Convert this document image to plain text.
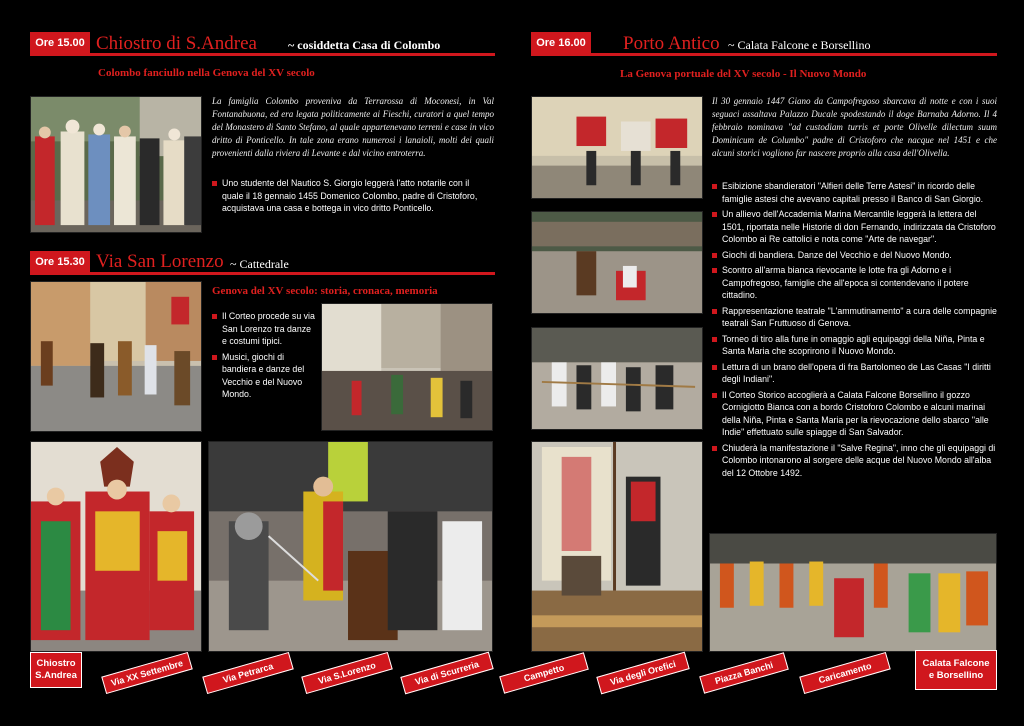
Ore 15.00 Chiostro di S.Andrea	~ cosiddetta Casa di Colombo
Colombo fanciullo nella Genova del XV secolo
La famiglia Colombo proveniva da Terrarossa di Moconesi, in Val Fontanabuona, ed era legata politicamente ai Fieschi, curatori a quel tempo del Monastero di Santo Stefano, al quale appartenevano terreni e case in vico dritto di Ponticello. In tale zona erano numerosi i lanaioli, molti dei quali provenienti dalla riviera di Levante e dal vicino entroterra.
Uno studente del Nautico S. Giorgio leggerà l'atto notarile con il quale il 18 gennaio 1455 Domenico Colombo, padre di Cristoforo, acquistava una casa e bottega in vico dritto Ponticello.
Ore 15.30 Via San Lorenzo ~ Cattedrale
Genova del XV secolo: storia, cronaca, memoria
Il Corteo procede su via San Lorenzo tra danze e costumi tipici.
Musici, giochi di bandiera e danze del Vecchio e del Nuovo Mondo.
Ore 16.00 Porto Antico ~ Calata Falcone e Borsellino
La Genova portuale del XV secolo - Il Nuovo Mondo
Il 30 gennaio 1447 Giano da Campofregoso sbarcava di notte e con i suoi seguaci assaltava Palazzo Ducale spodestando il doge Barnaba Adorno. Il 4 febbraio nominava "ad custodiam turris et porte Olivelle dilectum suum Dominicum de Columbo" padre di Cristoforo che nacque nel 1451 e che alcuni storici vogliono far nascere proprio alla casa dell'Olivella.
Esibizione sbandieratori "Alfieri delle Terre Astesi" in ricordo delle famiglie astesi che avevano capitali presso il Banco di San Giorgio.
Un allievo dell'Accademia Marina Mercantile leggerà la lettera del 1501, riportata nelle Historie di don Fernando, indirizzata da Cristoforo Colombo ai Re cattolici e nota come "Arte de navegar".
Giochi di bandiera. Danze del Vecchio e del Nuovo Mondo.
Scontro all'arma bianca rievocante le lotte fra gli Adorno e i Campofregoso, famiglie che all'epoca si contendevano il potere cittadino.
Rappresentazione teatrale "L'ammutinamento" a cura delle compagnie teatrali San Fruttuoso di Genova.
Torneo di tiro alla fune in omaggio agli equipaggi della Niña, Pinta e Santa Maria che scoprirono il Nuovo Mondo.
Lettura di un brano dell'opera di fra Bartolomeo de Las Casas "I diritti degli Indiani".
Il Corteo Storico accoglierà a Calata Falcone Borsellino il gozzo Cornigiotto Bianca con a bordo Cristoforo Colombo e alcuni marinai della Niña, Pinta e Santa Maria per la rievocazione dello sbarco "alle Indie" effettuato sulle spiagge di San Salvador.
Chiuderà la manifestazione il "Salve Regina", inno che gli equipaggi di Colombo intonarono al sorgere delle acque del Nuovo Mondo all'alba del 12 Ottobre 1492.
Chiostro S.Andrea	Via XX Settembre	Via Petrarca	Via S.Lorenzo	Via di Scurreria	Campetto	Via degli Orefici	Piazza Banchi	Caricamento	Calata Falcone e Borsellino
